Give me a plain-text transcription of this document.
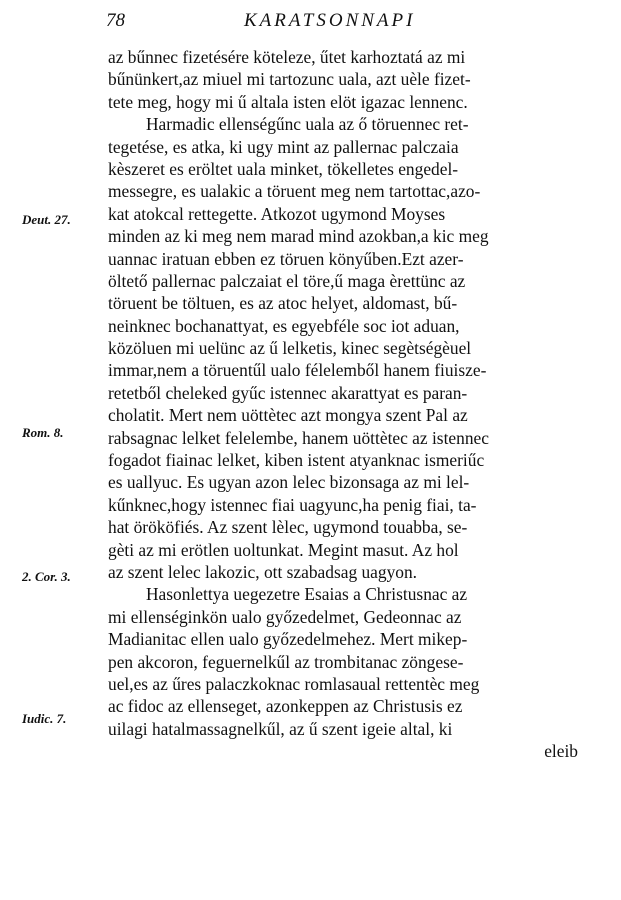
78	KARATSONNAPI
Deut. 27.
Rom. 8.
2. Cor. 3.
Iudic. 7.
az bűnnec fizetésére köteleze, űtet karhoztatá az mi
bűnünkert,az miuel mi tartozunc uala, azt uèle fizet-
tete meg, hogy mi ű altala isten elöt igazac lennenc.
Harmadic ellenségűnc uala az ő töruennec ret-
tegetése, es atka, ki ugy mint az pallernac palczaia
kèszeret es eröltet uala minket, tökelletes engedel-
messegre, es ualakic a töruent meg nem tartottac,azo-
kat atokcal rettegette. Atkozot ugymond Moyses
minden az ki meg nem marad mind azokban,a kic meg
uannac iratuan ebben ez töruen könyűben.Ezt azer-
öltető pallernac palczaiat el töre,ű maga èrettünc az
töruent be töltuen, es az atoc helyet, aldomast, bű-
neinknec bochanattyat, es egyebféle soc iot aduan,
közöluen mi uelünc az ű lelketis, kinec segètségèuel
immar,nem a töruentűl ualo félelemből hanem fiuisze-
retetből cheleked gyűc istennec akarattyat es paran-
cholatit. Mert nem uöttètec azt mongya szent Pal az
rabsagnac lelket felelembe, hanem uöttètec az istennec
fogadot fiainac lelket, kiben istent atyanknac ismeriűc
es uallyuc. Es ugyan azon lelec bizonsaga az mi lel-
kűnknec,hogy istennec fiai uagyunc,ha penig fiai, ta-
hat örököfiés. Az szent lèlec, ugymond touabba, se-
gèti az mi erötlen uoltunkat. Megint masut. Az hol
az szent lelec lakozic, ott szabadsag uagyon.
Hasonlettya uegezetre Esaias a Christusnac az
mi ellenséginkön ualo győzedelmet, Gedeonnac az
Madianitac ellen ualo győzedelmehez. Mert mikep-
pen akcoron, feguernelkűl az trombitanac zöngese-
uel,es az űres palaczkoknac romlasaual rettentèc meg
ac fidoc az ellenseget, azonkeppen az Christusis ez
uilagi hatalmassagnelkűl, az ű szent igeie altal, ki
eleib
